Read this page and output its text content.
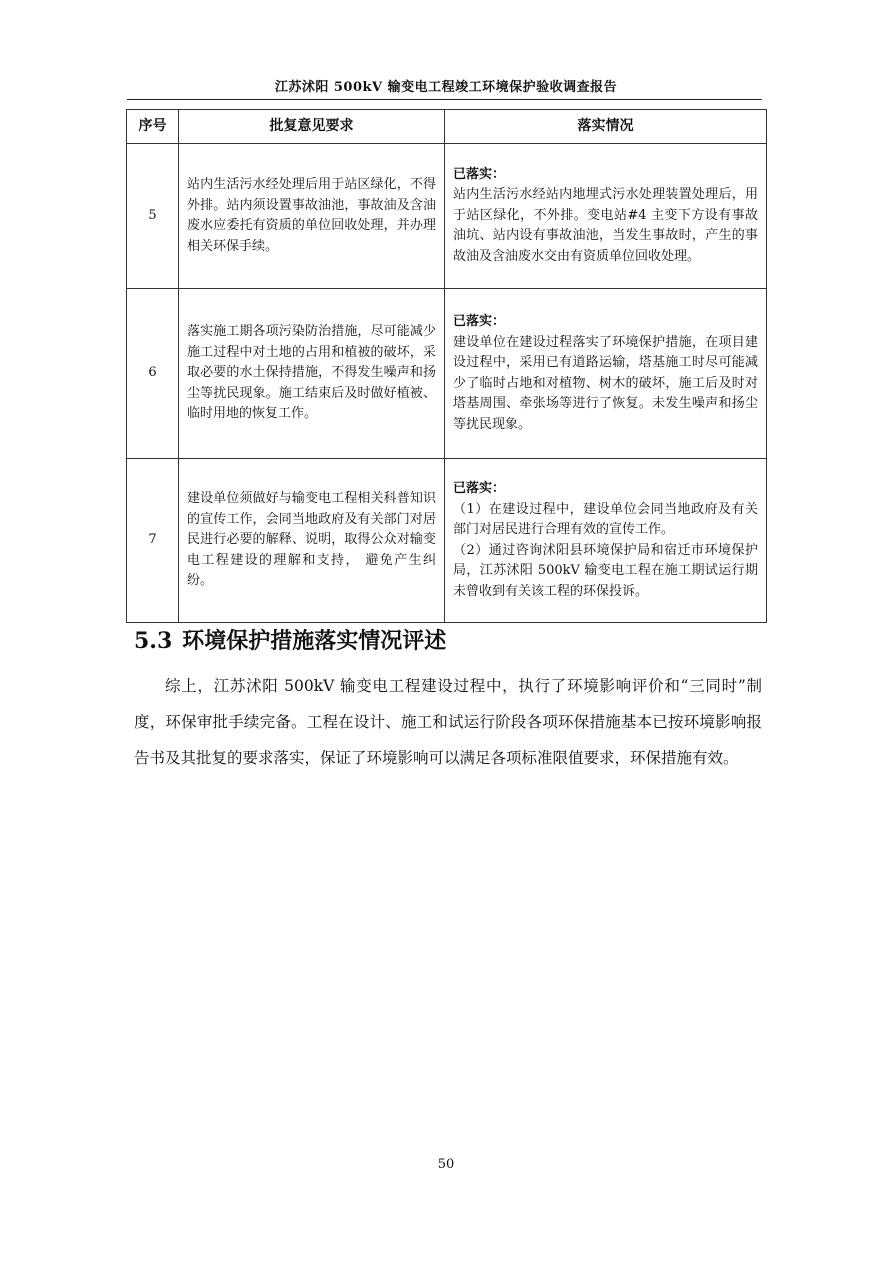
江苏沭阳 500kV 输变电工程竣工环境保护验收调查报告
序号	批复意见要求	落实情况
5	站内生活污水经处理后用于站区绿化，不得外排。站内须设置事故油池，事故油及含油废水应委托有资质的单位回收处理，并办理相关环保手续。	已落实：
站内生活污水经站内地埋式污水处理装置处理后，用于站区绿化，不外排。变电站#4 主变下方设有事故油坑、站内设有事故油池，当发生事故时，产生的事故油及含油废水交由有资质单位回收处理。

6	落实施工期各项污染防治措施，尽可能减少施工过程中对土地的占用和植被的破坏，采取必要的水土保持措施，不得发生噪声和扬尘等扰民现象。施工结束后及时做好植被、临时用地的恢复工作。	已落实：
建设单位在建设过程落实了环境保护措施，在项目建设过程中，采用已有道路运输，塔基施工时尽可能减少了临时占地和对植物、树木的破坏，施工后及时对塔基周围、牵张场等进行了恢复。未发生噪声和扬尘等扰民现象。

7	建设单位须做好与输变电工程相关科普知识的宣传工作，会同当地政府及有关部门对居民进行必要的解释、说明，取得公众对输变电工程建设的理解和支持， 避免产生纠纷。	已落实：
（1）在建设过程中，建设单位会同当地政府及有关部门对居民进行合理有效的宣传工作。
（2）通过咨询沭阳县环境保护局和宿迁市环境保护局，江苏沭阳 500kV 输变电工程在施工期试运行期未曾收到有关该工程的环保投诉。
5.3 环境保护措施落实情况评述

综上，江苏沭阳 500kV 输变电工程建设过程中，执行了环境影响评价和“三同时”制度，环保审批手续完备。工程在设计、施工和试运行阶段各项环保措施基本已按环境影响报告书及其批复的要求落实，保证了环境影响可以满足各项标准限值要求，环保措施有效。

50
